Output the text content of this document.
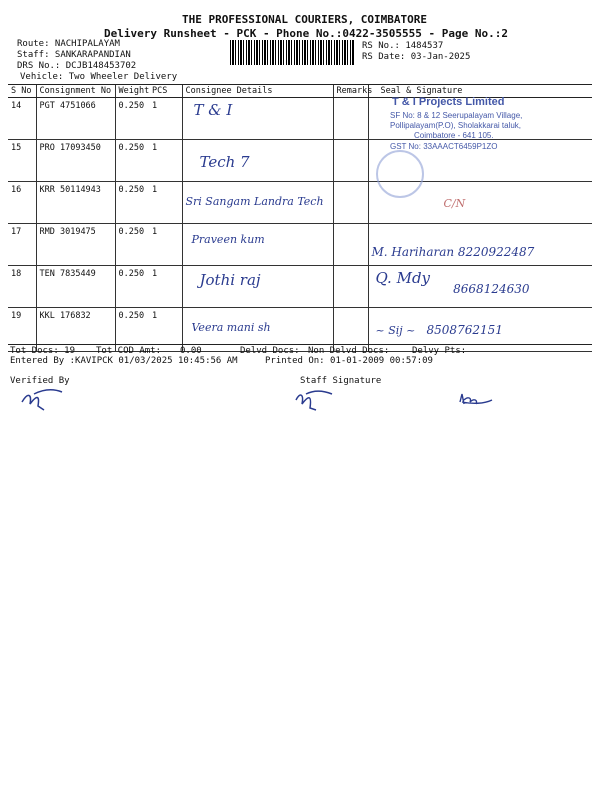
THE PROFESSIONAL COURIERS, COIMBATORE
Delivery Runsheet - PCK - Phone No.:0422-3505555 - Page No.:2
Route: NACHIPALAYAM
Staff: SANKARAPANDIAN
DRS No.: DCJB148453702
Vehicle: Two Wheeler Delivery
RS No.: 1484537
RS Date: 03-Jan-2025
S No	Consignment No	Weight	PCS	Consignee Details	Remarks	Seal & Signature
14	PGT 4751066	0.250	1	T & I		
15	PRO 17093450	0.250	1	Tech 7		
16	KRR 50114943	0.250	1	Sri Sangam Landra Tech		C/N
17	RMD 3019475	0.250	1	Praveen kum		M. Hariharan 8220922487
18	TEN 7835449	0.250	1	Jothi raj		Q. Mdy 8668124630
19	KKL 176832	0.250	1	Veera mani sh		~ Sij ~ 8508762151
T & I Projects Limited
SF No: 8 & 12 Seerupalayam Village,
Pollipalayam(P.O), Sholakkarai taluk,
Coimbatore - 641 105.
GST No: 33AAACT6459P1ZO
Tot Docs: 19 Tot COD Amt: 0.00	Delvd Docs: Non Delvd Docs:	Delvy Pts:
Entered By :KAVIPCK 01/03/2025 10:45:56 AM	Printed On: 01-01-2009 00:57:09
Verified By	Staff Signature
